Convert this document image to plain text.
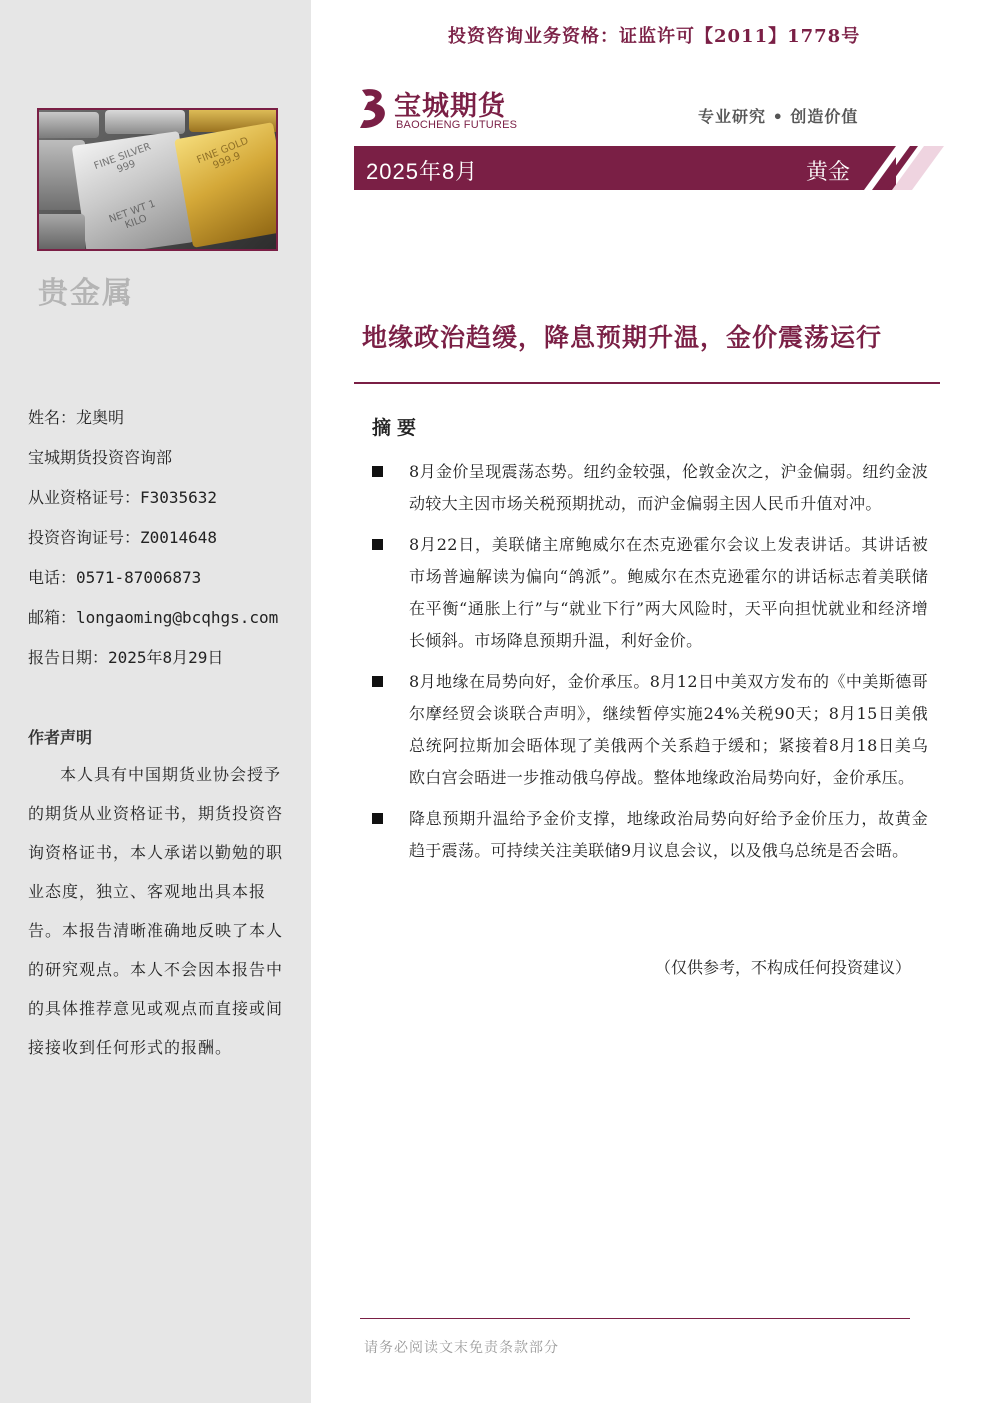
FINE SILVER 999
NET WT 1 KILO
FINE GOLD 999.9
贵金属
姓名：龙奥明
宝城期货投资咨询部
从业资格证号：F3035632
投资咨询证号：Z0014648
电话：0571-87006873
邮箱：longaoming@bcqhgs.com
报告日期：2025年8月29日
作者声明
本人具有中国期货业协会授予的期货从业资格证书，期货投资咨询资格证书，本人承诺以勤勉的职业态度，独立、客观地出具本报告。本报告清晰准确地反映了本人的研究观点。本人不会因本报告中的具体推荐意见或观点而直接或间接接收到任何形式的报酬。
投资咨询业务资格：证监许可【2011】1778号
宝城期货
BAOCHENG FUTURES	专业研究 • 创造价值
2025年8月	黄金
地缘政治趋缓，降息预期升温，金价震荡运行
摘要
8月金价呈现震荡态势。纽约金较强，伦敦金次之，沪金偏弱。纽约金波动较大主因市场关税预期扰动，而沪金偏弱主因人民币升值对冲。
8月22日，美联储主席鲍威尔在杰克逊霍尔会议上发表讲话。其讲话被市场普遍解读为偏向“鸽派”。鲍威尔在杰克逊霍尔的讲话标志着美联储在平衡“通胀上行”与“就业下行”两大风险时，天平向担忧就业和经济增长倾斜。市场降息预期升温，利好金价。
8月地缘在局势向好，金价承压。8月12日中美双方发布的《中美斯德哥尔摩经贸会谈联合声明》，继续暂停实施24%关税90天；8月15日美俄总统阿拉斯加会晤体现了美俄两个关系趋于缓和；紧接着8月18日美乌欧白宫会晤进一步推动俄乌停战。整体地缘政治局势向好，金价承压。
降息预期升温给予金价支撑，地缘政治局势向好给予金价压力，故黄金趋于震荡。可持续关注美联储9月议息会议，以及俄乌总统是否会晤。
（仅供参考，不构成任何投资建议）
请务必阅读文末免责条款部分
